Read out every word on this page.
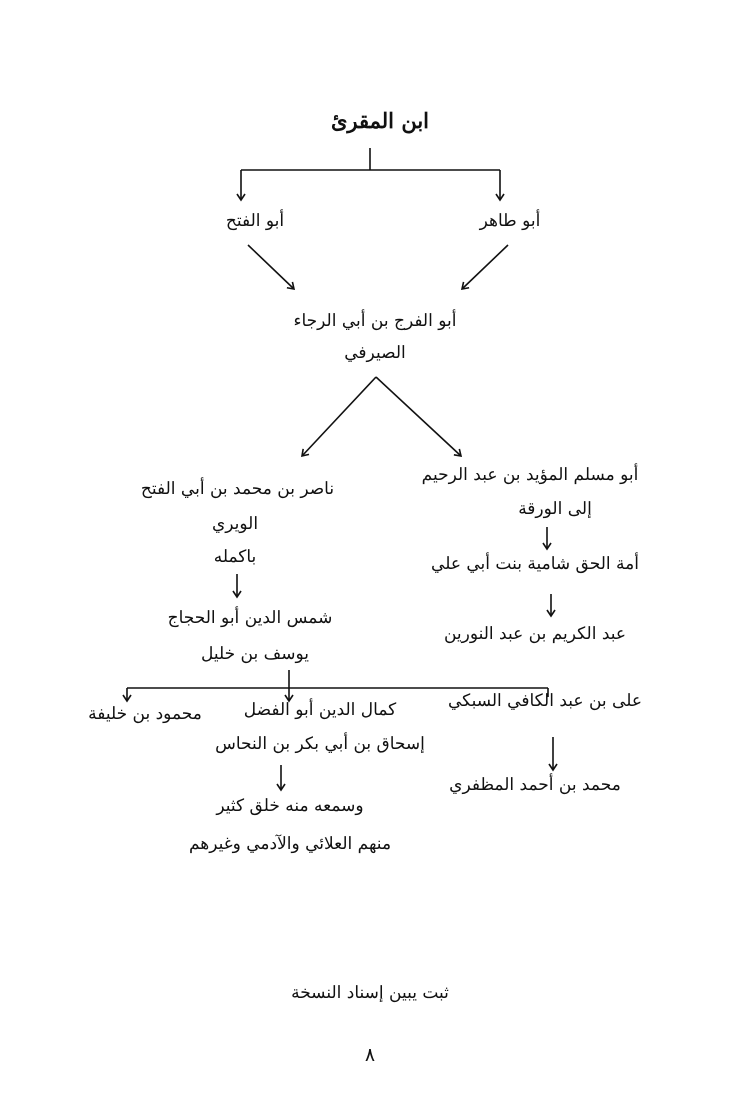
ابن المقرئ
أبو طاهر
أبو الفتح
أبو الفرج بن أبي الرجاء
الصيرفي
أبو مسلم المؤيد بن عبد الرحيم
إلى الورقة
أمة الحق شامية بنت أبي علي
عبد الكريم بن عبد النورين
ناصر بن محمد بن أبي الفتح
الويري
باكمله
شمس الدين أبو الحجاج
يوسف بن خليل
على بن عبد الكافي السبكي
محمد بن أحمد المظفري
كمال الدين أبو الفضل
إسحاق بن أبي بكر بن النحاس
وسمعه منه خلق كثير
منهم العلائي والآدمي وغيرهم
محمود بن خليفة
ثبت يبين إسناد النسخة
٨
